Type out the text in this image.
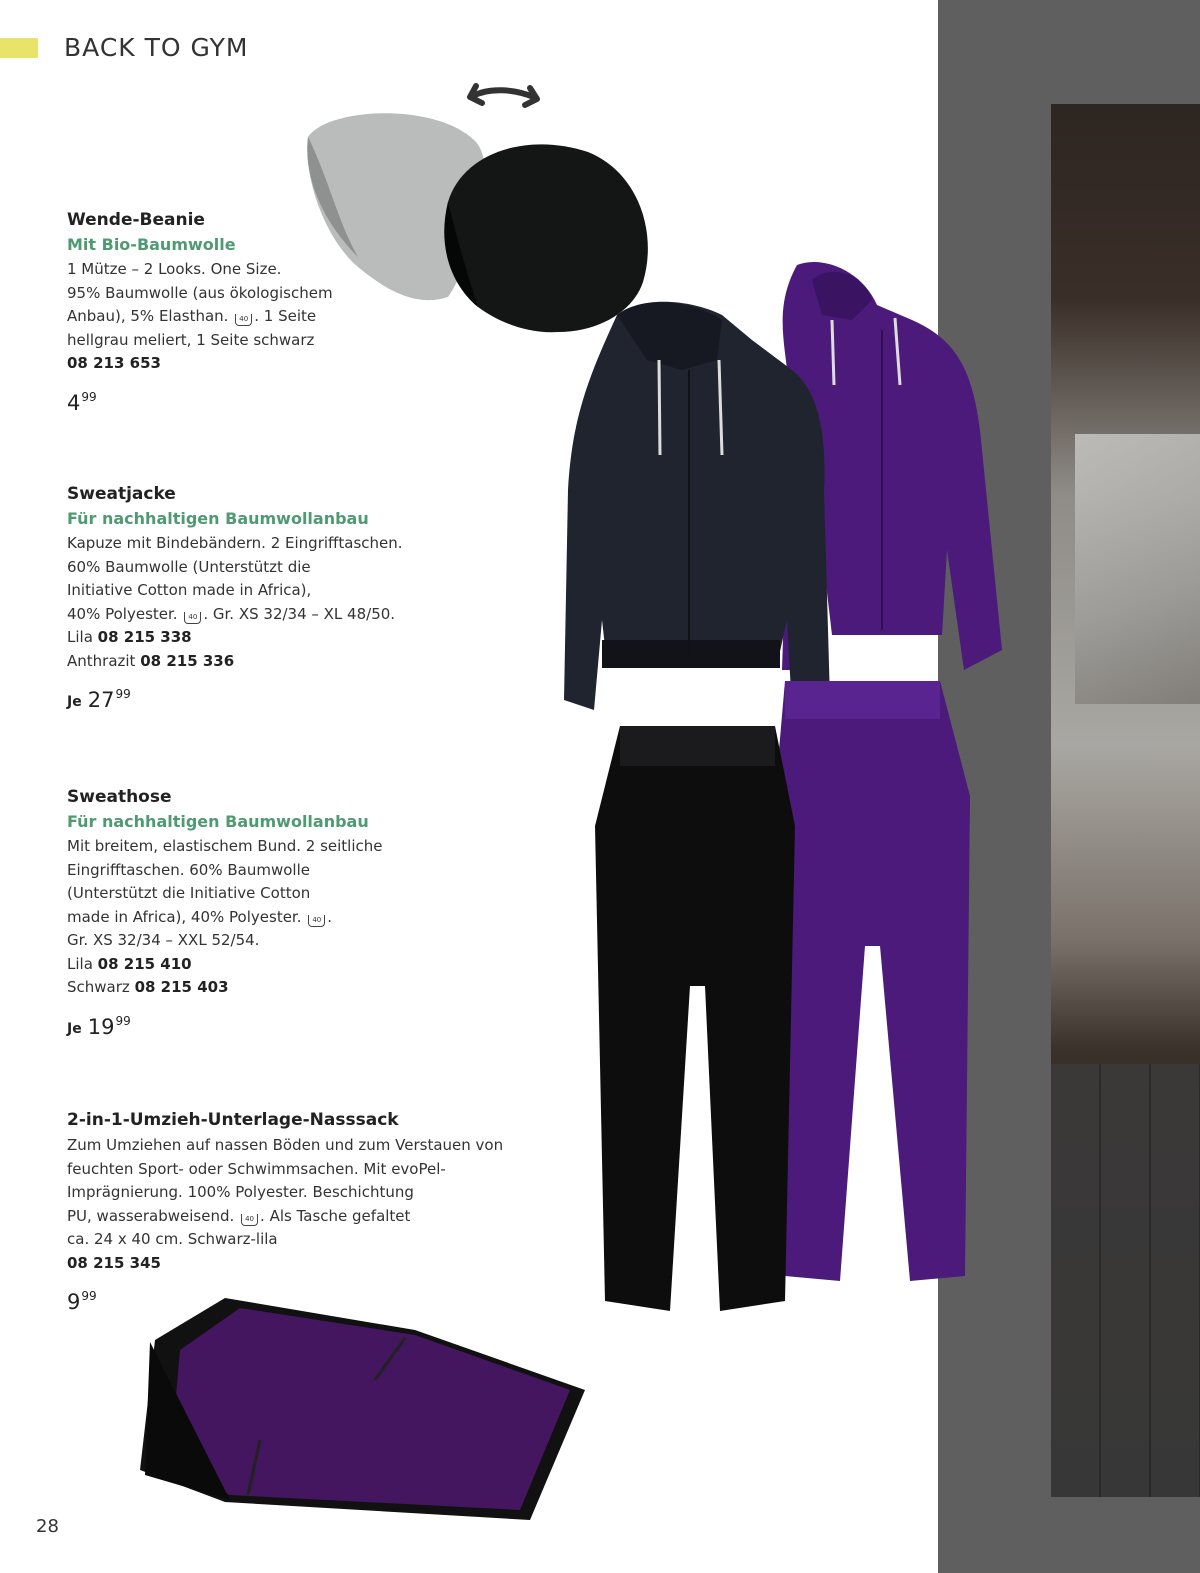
BACK TO GYM
Wende-Beanie
Mit Bio-Baumwolle
1 Mütze – 2 Looks. One Size.
95% Baumwolle (aus ökologischem
Anbau), 5% Elasthan. 40 . 1 Seite
hellgrau meliert, 1 Seite schwarz
08 213 653
$4^{99}$
Sweatjacke
Für nachhaltigen Baumwollanbau
Kapuze mit Bindebändern. 2 Eingrifftaschen.
60% Baumwolle (Unterstützt die
Initiative Cotton made in Africa),
40% Polyester. 40 . Gr. XS 32/34 – XL 48/50.
Lila 08 215 338
Anthrazit 08 215 336
Je $27^{99}$
Sweathose
Für nachhaltigen Baumwollanbau
Mit breitem, elastischem Bund. 2 seitliche
Eingrifftaschen. 60% Baumwolle
(Unterstützt die Initiative Cotton
made in Africa), 40% Polyester. 40 .
Gr. XS 32/34 – XXL 52/54.
Lila 08 215 410
Schwarz 08 215 403
Je $19^{99}$
2-in-1-Umzieh-Unterlage-Nasssack
Zum Umziehen auf nassen Böden und zum Verstauen von
feuchten Sport- oder Schwimmsachen. Mit evoPel-
Imprägnierung. 100% Polyester. Beschichtung
PU, wasserabweisend. 40 . Als Tasche gefaltet
ca. 24 x 40 cm. Schwarz-lila
08 215 345
$9^{99}$
28
